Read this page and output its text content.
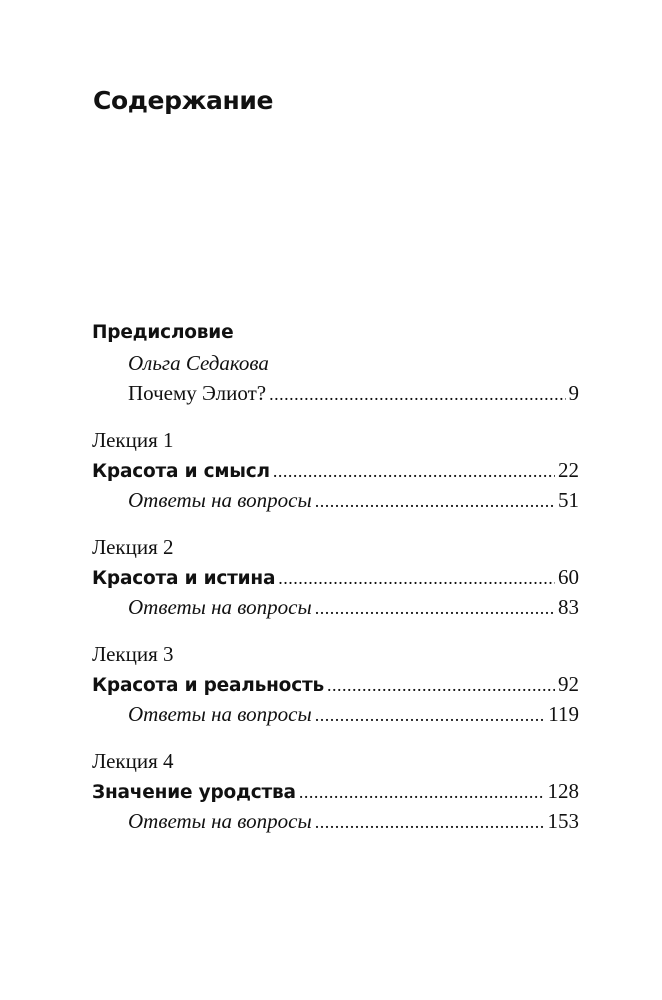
Содержание
Предисловие
Ольга Седакова
Почему Элиот? .....	9
Лекция 1
Красота и смысл .....	22
Ответы на вопросы .....	51
Лекция 2
Красота и истина .....	60
Ответы на вопросы .....	83
Лекция 3
Красота и реальность .....	92
Ответы на вопросы .....	119
Лекция 4
Значение уродства .....	128
Ответы на вопросы .....	153
